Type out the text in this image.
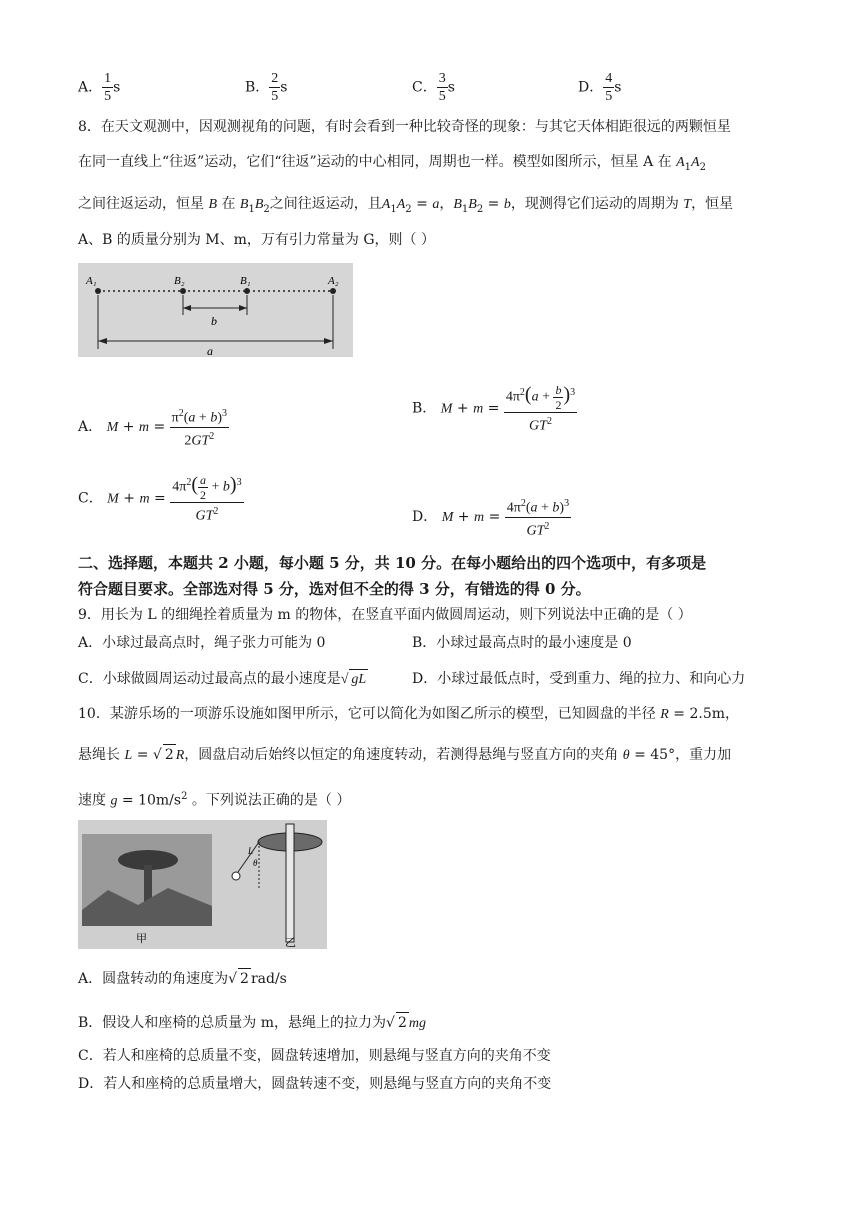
A． $\frac{1}{5}$ s	B． $\frac{2}{5}$ s	C． $\frac{3}{5}$ s	D． $\frac{4}{5}$ s
8．在天文观测中，因观测视角的问题，有时会看到一种比较奇怪的现象：与其它天体相距很远的两颗恒星
在同一直线上“往返”运动，它们“往返”运动的中心相同，周期也一样。模型如图所示，恒星 A 在 $A_1A_2$
之间往返运动，恒星 B 在 $B_1B_2$之间往返运动，且$A_1A_2 = a$，$B_1B_2 = b$，现测得它们运动的周期为 T，恒星
A、B 的质量分别为 M、m，万有引力常量为 G，则（ ）
A₁	B₂	B₁	A₂
b
a
A． $M + m = \frac{\pi^2(a + b)^3}{2GT^2}$	B． $M + m = \frac{4\pi^2(a + \frac{b}{2} )^3}{GT^2}$
C． $M + m = \frac{4\pi^2( \frac{a}{2} + b)^3}{GT^2}$	D． $M + m = \frac{4\pi^2(a + b)^3}{GT^2}$
二、选择题，本题共 2 小题，每小题 5 分，共 10 分。在每小题给出的四个选项中，有多项是
符合题目要求。全部选对得 5 分，选对但不全的得 3 分，有错选的得 0 分。
9．用长为 L 的细绳拴着质量为 m 的物体，在竖直平面内做圆周运动，则下列说法中正确的是（ ）
A．小球过最高点时，绳子张力可能为 0	B．小球过最高点时的最小速度是 0
C．小球做圆周运动过最高点的最小速度是√ gL	D．小球过最低点时，受到重力、绳的拉力、和向心力
10．某游乐场的一项游乐设施如图甲所示，它可以简化为如图乙所示的模型，已知圆盘的半径 R = 2.5m，
悬绳长 L = √ 2 R，圆盘启动后始终以恒定的角速度转动，若测得悬绳与竖直方向的夹角 θ = 45°，重力加
速度 $g = 10m/s^2$ 。下列说法正确的是（ ）
甲
L
θ
乙
A．圆盘转动的角速度为√ 2 rad/s
B．假设人和座椅的总质量为 m，悬绳上的拉力为√ 2 mg
C．若人和座椅的总质量不变，圆盘转速增加，则悬绳与竖直方向的夹角不变
D．若人和座椅的总质量增大，圆盘转速不变，则悬绳与竖直方向的夹角不变
